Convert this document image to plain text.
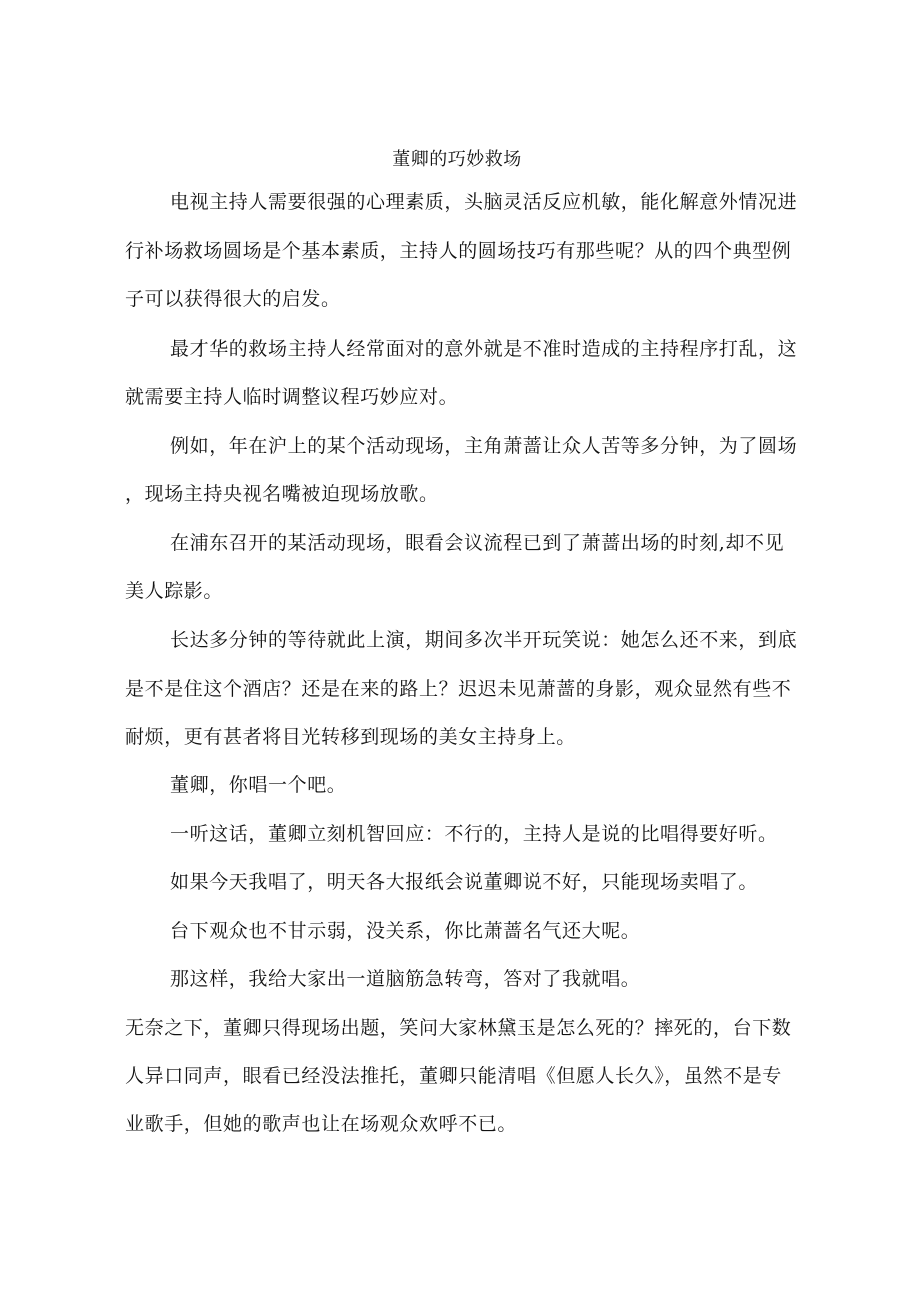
董卿的巧妙救场
电视主持人需要很强的心理素质，头脑灵活反应机敏，能化解意外情况进
行补场救场圆场是个基本素质，主持人的圆场技巧有那些呢？从的四个典型例
子可以获得很大的启发。
最才华的救场主持人经常面对的意外就是不准时造成的主持程序打乱，这
就需要主持人临时调整议程巧妙应对。
例如，年在沪上的某个活动现场，主角萧蔷让众人苦等多分钟，为了圆场
，现场主持央视名嘴被迫现场放歌。
在浦东召开的某活动现场，眼看会议流程已到了萧蔷出场的时刻,却不见
美人踪影。
长达多分钟的等待就此上演，期间多次半开玩笑说：她怎么还不来，到底
是不是住这个酒店？还是在来的路上？迟迟未见萧蔷的身影，观众显然有些不
耐烦，更有甚者将目光转移到现场的美女主持身上。
董卿，你唱一个吧。
一听这话，董卿立刻机智回应：不行的，主持人是说的比唱得要好听。
如果今天我唱了，明天各大报纸会说董卿说不好，只能现场卖唱了。
台下观众也不甘示弱，没关系，你比萧蔷名气还大呢。
那这样，我给大家出一道脑筋急转弯，答对了我就唱。
无奈之下，董卿只得现场出题，笑问大家林黛玉是怎么死的？摔死的，台下数
人异口同声，眼看已经没法推托，董卿只能清唱《但愿人长久》，虽然不是专
业歌手，但她的歌声也让在场观众欢呼不已。
